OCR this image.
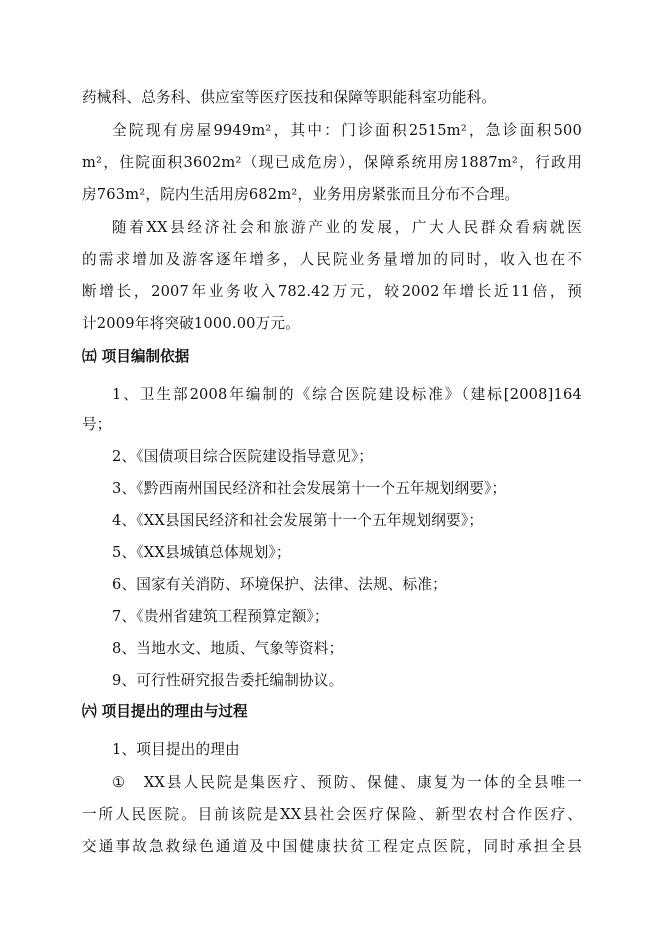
药械科、总务科、供应室等医疗医技和保障等职能科室功能科。
全院现有房屋9949m²，其中：门诊面积2515m²，急诊面积500
m²，住院面积3602m²（现已成危房），保障系统用房1887m²，行政用
房763m²，院内生活用房682m²，业务用房紧张而且分布不合理。
随着XX县经济社会和旅游产业的发展，广大人民群众看病就医
的需求增加及游客逐年增多，人民院业务量增加的同时，收入也在不
断增长，2007年业务收入782.42万元，较2002年增长近11倍，预
计2009年将突破1000.00万元。
㈤ 项目编制依据
1、卫生部2008年编制的《综合医院建设标准》（建标[2008]164
号；
2、《国债项目综合医院建设指导意见》；
3、《黔西南州国民经济和社会发展第十一个五年规划纲要》；
4、《XX县国民经济和社会发展第十一个五年规划纲要》；
5、《XX县城镇总体规划》；
6、国家有关消防、环境保护、法律、法规、标准；
7、《贵州省建筑工程预算定额》；
8、当地水文、地质、气象等资料；
9、可行性研究报告委托编制协议。
㈥ 项目提出的理由与过程
1、项目提出的理由
①　XX县人民院是集医疗、预防、保健、康复为一体的全县唯一
一所人民医院。目前该院是XX县社会医疗保险、新型农村合作医疗、
交通事故急救绿色通道及中国健康扶贫工程定点医院，同时承担全县
